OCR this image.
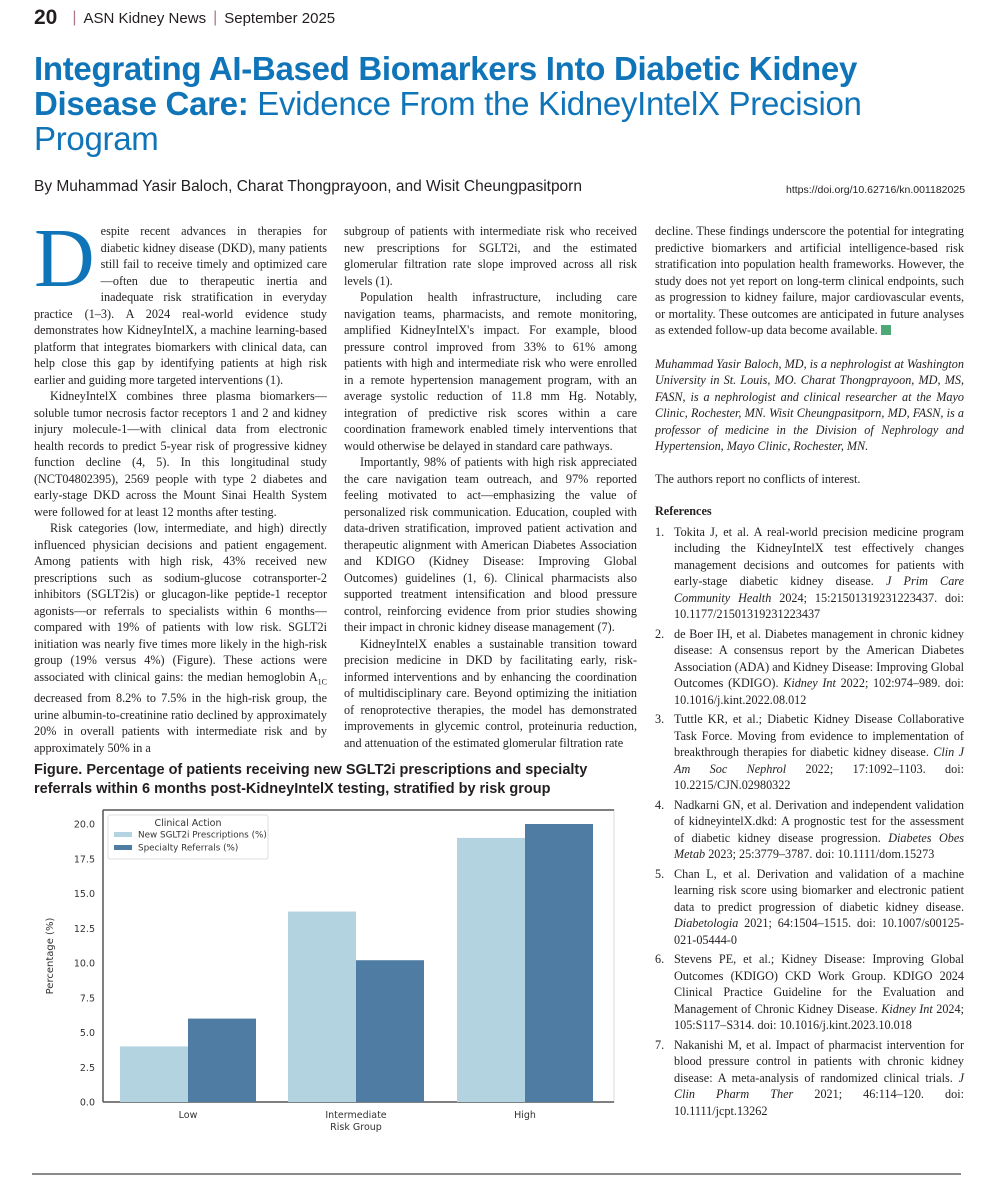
20 | ASN Kidney News | September 2025
Integrating AI-Based Biomarkers Into Diabetic Kidney Disease Care: Evidence From the KidneyIntelX Precision Program
By Muhammad Yasir Baloch, Charat Thongprayoon, and Wisit Cheungpasitporn	https://doi.org/10.62716/kn.001182025

Despite recent advances in therapies for diabetic kidney disease (DKD), many patients still fail to receive timely and optimized care—often due to therapeutic inertia and inadequate risk stratification in everyday practice (1–3). A 2024 real-world evidence study demonstrates how KidneyIntelX, a machine learning-based platform that integrates biomarkers with clinical data, can help close this gap by identifying patients at high risk earlier and guiding more targeted interventions (1).

KidneyIntelX combines three plasma biomarkers—soluble tumor necrosis factor receptors 1 and 2 and kidney injury molecule-1—with clinical data from electronic health records to predict 5-year risk of progressive kidney function decline (4, 5). In this longitudinal study (NCT04802395), 2569 people with type 2 diabetes and early-stage DKD across the Mount Sinai Health System were followed for at least 12 months after testing.

Risk categories (low, intermediate, and high) directly influenced physician decisions and patient engagement. Among patients with high risk, 43% received new prescriptions such as sodium-glucose cotransporter-2 inhibitors (SGLT2is) or glucagon-like peptide-1 receptor agonists—or referrals to specialists within 6 months—compared with 19% of patients with low risk. SGLT2i initiation was nearly five times more likely in the high-risk group (19% versus 4%) (Figure). These actions were associated with clinical gains: the median hemoglobin $A_{1C}$ decreased from 8.2% to 7.5% in the high-risk group, the urine albumin-to-creatinine ratio declined by approximately 20% in overall patients with intermediate risk and by approximately 50% in a

subgroup of patients with intermediate risk who received new prescriptions for SGLT2i, and the estimated glomerular filtration rate slope improved across all risk levels (1).

Population health infrastructure, including care navigation teams, pharmacists, and remote monitoring, amplified KidneyIntelX's impact. For example, blood pressure control improved from 33% to 61% among patients with high and intermediate risk who were enrolled in a remote hypertension management program, with an average systolic reduction of 11.8 mm Hg. Notably, integration of predictive risk scores within a care coordination framework enabled timely interventions that would otherwise be delayed in standard care pathways.

Importantly, 98% of patients with high risk appreciated the care navigation team outreach, and 97% reported feeling motivated to act—emphasizing the value of personalized risk communication. Education, coupled with data-driven stratification, improved patient activation and therapeutic alignment with American Diabetes Association and KDIGO (Kidney Disease: Improving Global Outcomes) guidelines (1, 6). Clinical pharmacists also supported treatment intensification and blood pressure control, reinforcing evidence from prior studies showing their impact in chronic kidney disease management (7).

KidneyIntelX enables a sustainable transition toward precision medicine in DKD by facilitating early, risk-informed interventions and by enhancing the coordination of multidisciplinary care. Beyond optimizing the initiation of renoprotective therapies, the model has demonstrated improvements in glycemic control, proteinuria reduction, and attenuation of the estimated glomerular filtration rate

decline. These findings underscore the potential for integrating predictive biomarkers and artificial intelligence-based risk stratification into population health frameworks. However, the study does not yet report on long-term clinical endpoints, such as progression to kidney failure, major cardiovascular events, or mortality. These outcomes are anticipated in future analyses as extended follow-up data become available.

Muhammad Yasir Baloch, MD, is a nephrologist at Washington University in St. Louis, MO. Charat Thongprayoon, MD, MS, FASN, is a nephrologist and clinical researcher at the Mayo Clinic, Rochester, MN. Wisit Cheungpasitporn, MD, FASN, is a professor of medicine in the Division of Nephrology and Hypertension, Mayo Clinic, Rochester, MN.

The authors report no conflicts of interest.

References
1. Tokita J, et al. A real-world precision medicine program including the KidneyIntelX test effectively changes management decisions and outcomes for patients with early-stage diabetic kidney disease. J Prim Care Community Health 2024; 15:21501319231223437. doi: 10.1177/21501319231223437
2. de Boer IH, et al. Diabetes management in chronic kidney disease: A consensus report by the American Diabetes Association (ADA) and Kidney Disease: Improving Global Outcomes (KDIGO). Kidney Int 2022; 102:974–989. doi: 10.1016/j.kint.2022.08.012
3. Tuttle KR, et al.; Diabetic Kidney Disease Collaborative Task Force. Moving from evidence to implementation of breakthrough therapies for diabetic kidney disease. Clin J Am Soc Nephrol 2022; 17:1092–1103. doi: 10.2215/CJN.02980322
4. Nadkarni GN, et al. Derivation and independent validation of kidneyintelX.dkd: A prognostic test for the assessment of diabetic kidney disease progression. Diabetes Obes Metab 2023; 25:3779–3787. doi: 10.1111/dom.15273
5. Chan L, et al. Derivation and validation of a machine learning risk score using biomarker and electronic patient data to predict progression of diabetic kidney disease. Diabetologia 2021; 64:1504–1515. doi: 10.1007/s00125-021-05444-0
6. Stevens PE, et al.; Kidney Disease: Improving Global Outcomes (KDIGO) CKD Work Group. KDIGO 2024 Clinical Practice Guideline for the Evaluation and Management of Chronic Kidney Disease. Kidney Int 2024; 105:S117–S314. doi: 10.1016/j.kint.2023.10.018
7. Nakanishi M, et al. Impact of pharmacist intervention for blood pressure control in patients with chronic kidney disease: A meta-analysis of randomized clinical trials. J Clin Pharm Ther 2021; 46:114–120. doi: 10.1111/jcpt.13262
Figure. Percentage of patients receiving new SGLT2i prescriptions and specialty referrals within 6 months post-KidneyIntelX testing, stratified by risk group
0.0
2.5
5.0
7.5
10.0
12.5
15.0
17.5
20.0
Percentage (%)
Low	Intermediate	High
Risk Group
Clinical Action
New SGLT2i Prescriptions (%)
Specialty Referrals (%)
